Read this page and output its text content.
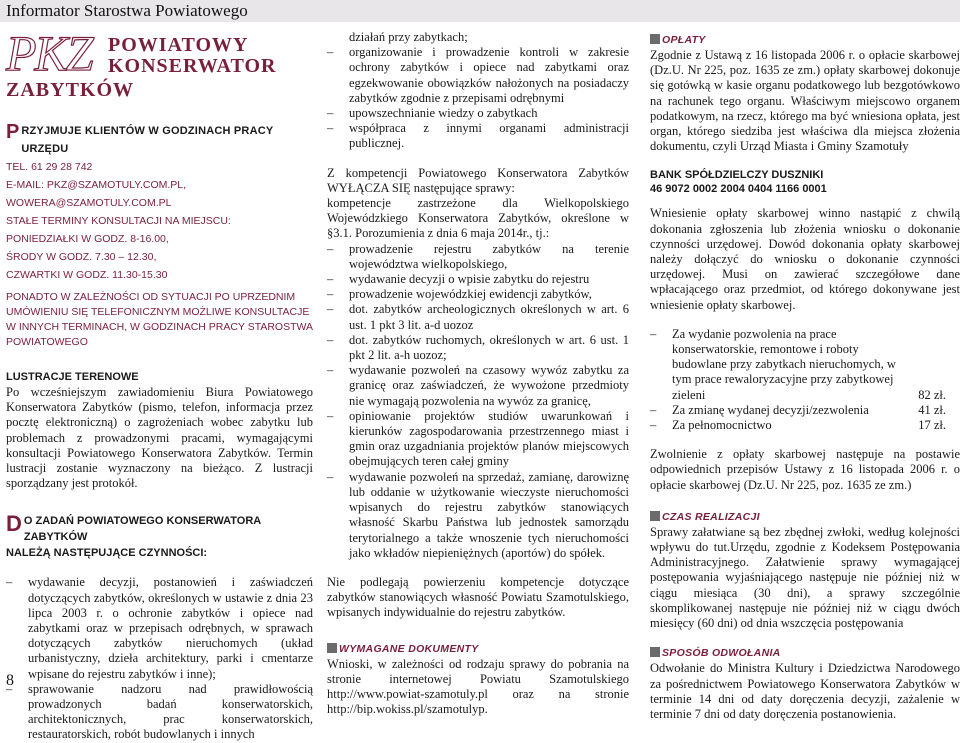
Informator Starostwa Powiatowego
PKZ POWIATOWY
KONSERWATOR
ZABYTKÓW
P RZYJMUJE KLIENTÓW W GODZINACH PRACY URZĘDU
TEL. 61 29 28 742
E-MAIL: PKZ@SZAMOTULY.COM.PL,
WOWERA@SZAMOTULY.COM.PL
STAŁE TERMINY KONSULTACJI NA MIEJSCU:
PONIEDZIAŁKI W GODZ. 8-16.00,
ŚRODY W GODZ. 7.30 – 12.30,
CZWARTKI W GODZ. 11.30-15.30
PONADTO W ZALEŻNOŚCI OD SYTUACJI PO UPRZEDNIM UMÓWIENIU SIĘ TELEFONICZNYM MOŻLIWE KONSULTACJE W INNYCH TERMINACH, W GODZINACH PRACY STAROSTWA POWIATOWEGO
LUSTRACJE TERENOWE

Po wcześniejszym zawiadomieniu Biura Powiatowego Konserwatora Zabytków (pismo, telefon, informacja przez pocztę elektroniczną) o zagrożeniach wobec zabytku lub problemach z prowadzonymi pracami, wymagającymi konsultacji Powiatowego Konserwatora Zabytków. Termin lustracji zostanie wyznaczony na bieżąco. Z lustracji sporządzany jest protokół.

D O ZADAŃ POWIATOWEGO KONSERWATORA ZABYTKÓW

NALEŻĄ NASTĘPUJĄCE CZYNNOŚCI:
– wydawanie decyzji, postanowień i zaświadczeń dotyczących zabytków, określonych w ustawie z dnia 23 lipca 2003 r. o ochronie zabytków i opiece nad zabytkami oraz w przepisach odrębnych, w sprawach dotyczących zabytków nieruchomych (układ urbanistyczny, dzieła architektury, parki i cmentarze wpisane do rejestru zabytków i inne);
– sprawowanie nadzoru nad prawidłowością prowadzonych badań konserwatorskich, architektonicznych, prac konserwatorskich, restauratorskich, robót budowlanych i innych
8
działań przy zabytkach;
– organizowanie i prowadzenie kontroli w zakresie ochrony zabytków i opiece nad zabytkami oraz egzekwowanie obowiązków nałożonych na posiadaczy zabytków zgodnie z przepisami odrębnymi
– upowszechnianie wiedzy o zabytkach
– współpraca z innymi organami administracji publicznej.

Z kompetencji Powiatowego Konserwatora Zabytków WYŁĄCZA SIĘ następujące sprawy:

kompetencje zastrzeżone dla Wielkopolskiego Wojewódzkiego Konserwatora Zabytków, określone w §3.1. Porozumienia z dnia 6 maja 2014r., tj.:

– prowadzenie rejestru zabytków na terenie województwa wielkopolskiego,
– wydawanie decyzji o wpisie zabytku do rejestru
– prowadzenie wojewódzkiej ewidencji zabytków,
– dot. zabytków archeologicznych określonych w art. 6 ust. 1 pkt 3 lit. a-d uozoz
– dot. zabytków ruchomych, określonych w art. 6 ust. 1 pkt 2 lit. a-h uozoz;
– wydawanie pozwoleń na czasowy wywóz zabytku za granicę oraz zaświadczeń, że wywożone przedmioty nie wymagają pozwolenia na wywóz za granicę,
– opiniowanie projektów studiów uwarunkowań i kierunków zagospodarowania przestrzennego miast i gmin oraz uzgadniania projektów planów miejscowych obejmujących teren całej gminy
– wydawanie pozwoleń na sprzedaż, zamianę, darowiznę lub oddanie w użytkowanie wieczyste nieruchomości wpisanych do rejestru zabytków stanowiących własność Skarbu Państwa lub jednostek samorządu terytorialnego a także wnoszenie tych nieruchomości jako wkładów niepieniężnych (aportów) do spółek.

Nie podlegają powierzeniu kompetencje dotyczące zabytków stanowiących własność Powiatu Szamotulskiego, wpisanych indywidualnie do rejestru zabytków.

WYMAGANE DOKUMENTY

Wnioski, w zależności od rodzaju sprawy do pobrania na stronie internetowej Powiatu Szamotulskiego http://www.powiat-szamotuly.pl oraz na stronie http://bip.wokiss.pl/szamotulyp.

OPŁATY

Zgodnie z Ustawą z 16 listopada 2006 r. o opłacie skarbowej (Dz.U. Nr 225, poz. 1635 ze zm.) opłaty skarbowej dokonuje się gotówką w kasie organu podatkowego lub bezgotówkowo na rachunek tego organu. Właściwym miejscowo organem podatkowym, na rzecz, którego ma być wniesiona opłata, jest organ, którego siedziba jest właściwa dla miejsca złożenia dokumentu, czyli Urząd Miasta i Gminy Szamotuły

BANK SPÓŁDZIELCZY DUSZNIKI
46 9072 0002 2004 0404 1166 0001

Wniesienie opłaty skarbowej winno nastąpić z chwilą dokonania zgłoszenia lub złożenia wniosku o dokonanie czynności urzędowej. Dowód dokonania opłaty skarbowej należy dołączyć do wniosku o dokonanie czynności urzędowej. Musi on zawierać szczegółowe dane wpłacającego oraz przedmiot, od którego dokonywane jest wniesienie opłaty skarbowej.

– Za wydanie pozwolenia na prace konserwatorskie, remontowe i roboty budowlane przy zabytkach nieruchomych, w tym prace rewaloryzacyjne przy zabytkowej zieleni	82 zł.
– Za zmianę wydanej decyzji/zezwolenia	41 zł.
– Za pełnomocnictwo	17 zł.

Zwolnienie z opłaty skarbowej następuje na postawie odpowiednich przepisów Ustawy z 16 listopada 2006 r. o opłacie skarbowej (Dz.U. Nr 225, poz. 1635 ze zm.)

CZAS REALIZACJI

Sprawy załatwiane są bez zbędnej zwłoki, według kolejności wpływu do tut.Urzędu, zgodnie z Kodeksem Postępowania Administracyjnego. Załatwienie sprawy wymagającej postępowania wyjaśniającego następuje nie później niż w ciągu miesiąca (30 dni), a sprawy szczególnie skomplikowanej następuje nie później niż w ciągu dwóch miesięcy (60 dni) od dnia wszczęcia postępowania

SPOSÓB ODWOŁANIA

Odwołanie do Ministra Kultury i Dziedzictwa Narodowego za pośrednictwem Powiatowego Konserwatora Zabytków w terminie 14 dni od daty doręczenia decyzji, zażalenie w terminie 7 dni od daty doręczenia postanowienia.
